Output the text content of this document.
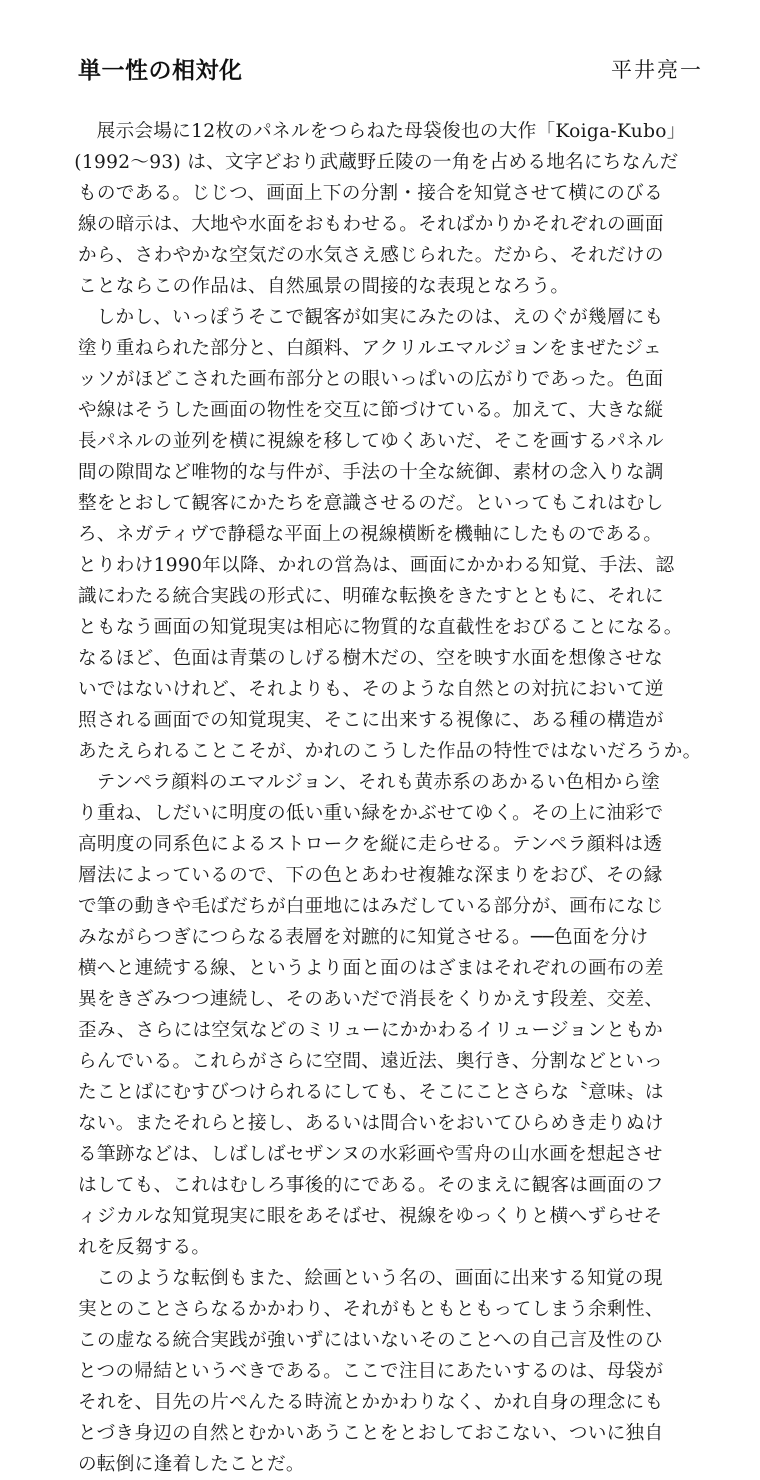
単一性の相対化	平井亮一

展示会場に12枚のパネルをつらねた母袋俊也の大作「Koiga-Kubo」
(1992〜93) は、文字どおり武蔵野丘陵の一角を占める地名にちなんだ
ものである。じじつ、画面上下の分割・接合を知覚させて横にのびる
線の暗示は、大地や水面をおもわせる。そればかりかそれぞれの画面
から、さわやかな空気だの水気さえ感じられた。だから、それだけの
ことならこの作品は、自然風景の間接的な表現となろう。

しかし、いっぽうそこで観客が如実にみたのは、えのぐが幾層にも
塗り重ねられた部分と、白顔料、アクリルエマルジョンをまぜたジェ
ッソがほどこされた画布部分との眼いっぱいの広がりであった。色面
や線はそうした画面の物性を交互に節づけている。加えて、大きな縦
長パネルの並列を横に視線を移してゆくあいだ、そこを画するパネル
間の隙間など唯物的な与件が、手法の十全な統御、素材の念入りな調
整をとおして観客にかたちを意識させるのだ。といってもこれはむし
ろ、ネガティヴで静穏な平面上の視線横断を機軸にしたものである。
とりわけ1990年以降、かれの営為は、画面にかかわる知覚、手法、認
識にわたる統合実践の形式に、明確な転換をきたすとともに、それに
ともなう画面の知覚現実は相応に物質的な直截性をおびることになる。
なるほど、色面は青葉のしげる樹木だの、空を映す水面を想像させな
いではないけれど、それよりも、そのような自然との対抗において逆
照される画面での知覚現実、そこに出来する視像に、ある種の構造が
あたえられることこそが、かれのこうした作品の特性ではないだろうか。

テンペラ顔料のエマルジョン、それも黄赤系のあかるい色相から塗
り重ね、しだいに明度の低い重い緑をかぶせてゆく。その上に油彩で
高明度の同系色によるストロークを縦に走らせる。テンペラ顔料は透
層法によっているので、下の色とあわせ複雑な深まりをおび、その縁
で筆の動きや毛ばだちが白亜地にはみだしている部分が、画布になじ
みながらつぎにつらなる表層を対蹠的に知覚させる。──色面を分け
横へと連続する線、というより面と面のはざまはそれぞれの画布の差
異をきざみつつ連続し、そのあいだで消長をくりかえす段差、交差、
歪み、さらには空気などのミリューにかかわるイリュージョンともか
らんでいる。これらがさらに空間、遠近法、奥行き、分割などといっ
たことばにむすびつけられるにしても、そこにことさらな〝意味〟は
ない。またそれらと接し、あるいは間合いをおいてひらめき走りぬけ
る筆跡などは、しばしばセザンヌの水彩画や雪舟の山水画を想起させ
はしても、これはむしろ事後的にである。そのまえに観客は画面のフ
ィジカルな知覚現実に眼をあそばせ、視線をゆっくりと横へずらせそ
れを反芻する。

このような転倒もまた、絵画という名の、画面に出来する知覚の現
実とのことさらなるかかわり、それがもともともってしまう余剰性、
この虚なる統合実践が強いずにはいないそのことへの自己言及性のひ
とつの帰結というべきである。ここで注目にあたいするのは、母袋が
それを、目先の片ぺんたる時流とかかわりなく、かれ自身の理念にも
とづき身辺の自然とむかいあうことをとおしておこない、ついに独自
の転倒に逢着したことだ。
